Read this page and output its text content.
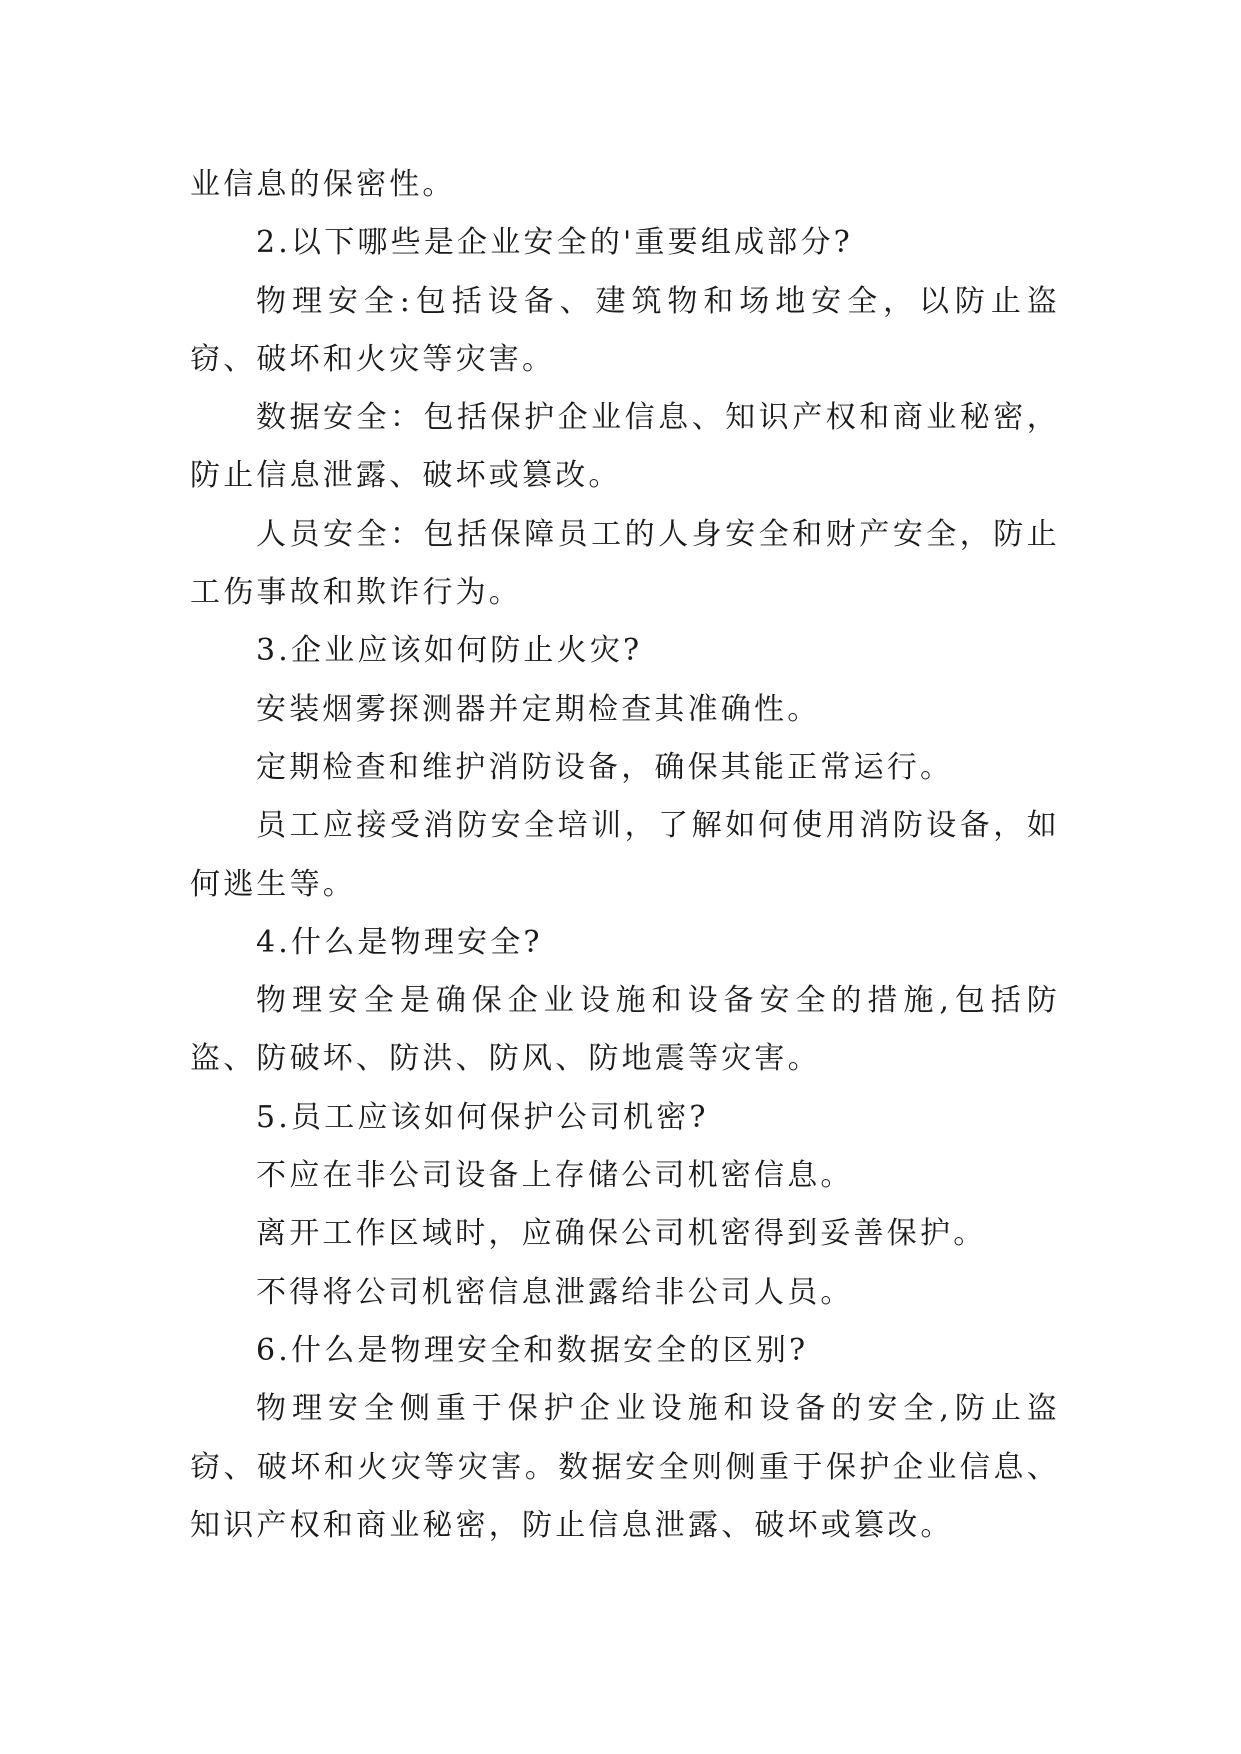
业信息的保密性。

2.以下哪些是企业安全的'重要组成部分?

物理安全:包括设备、建筑物和场地安全，以防止盗窃、破坏和火灾等灾害。

数据安全：包括保护企业信息、知识产权和商业秘密，防止信息泄露、破坏或篡改。

人员安全：包括保障员工的人身安全和财产安全，防止工伤事故和欺诈行为。

3.企业应该如何防止火灾?

安装烟雾探测器并定期检查其准确性。

定期检查和维护消防设备，确保其能正常运行。

员工应接受消防安全培训，了解如何使用消防设备，如何逃生等。

4.什么是物理安全?

物理安全是确保企业设施和设备安全的措施,包括防盗、防破坏、防洪、防风、防地震等灾害。

5.员工应该如何保护公司机密?

不应在非公司设备上存储公司机密信息。

离开工作区域时，应确保公司机密得到妥善保护。

不得将公司机密信息泄露给非公司人员。

6.什么是物理安全和数据安全的区别?

物理安全侧重于保护企业设施和设备的安全,防止盗窃、破坏和火灾等灾害。数据安全则侧重于保护企业信息、知识产权和商业秘密，防止信息泄露、破坏或篡改。
